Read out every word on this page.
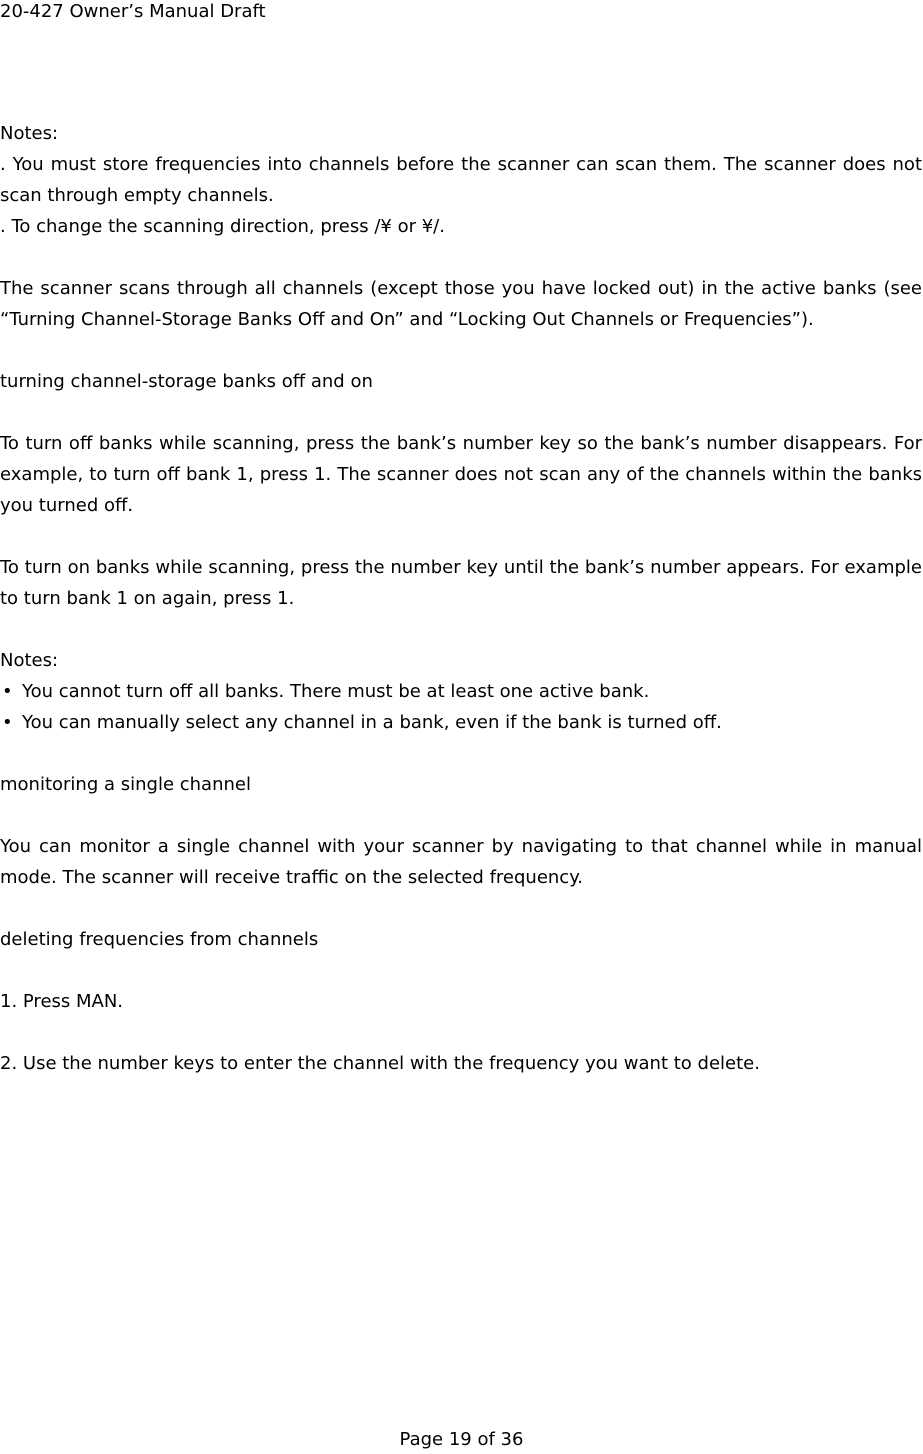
20-427 Owner’s Manual Draft

Notes:

. You must store frequencies into channels before the scanner can scan them. The scanner does not scan through empty channels.

. To change the scanning direction, press /¥ or ¥/.

The scanner scans through all channels (except those you have locked out) in the active banks (see “Turning Channel-Storage Banks Off and On” and “Locking Out Channels or Frequencies”).

turning channel-storage banks off and on

To turn off banks while scanning, press the bank’s number key so the bank’s number disappears. For example, to turn off bank 1, press 1. The scanner does not scan any of the channels within the banks you turned off.

To turn on banks while scanning, press the number key until the bank’s number appears. For example to turn bank 1 on again, press 1.

Notes:

• You cannot turn off all banks. There must be at least one active bank.
• You can manually select any channel in a bank, even if the bank is turned off.

monitoring a single channel

You can monitor a single channel with your scanner by navigating to that channel while in manual mode. The scanner will receive traffic on the selected frequency.

deleting frequencies from channels

1. Press MAN.

2. Use the number keys to enter the channel with the frequency you want to delete.

Page 19 of 36
